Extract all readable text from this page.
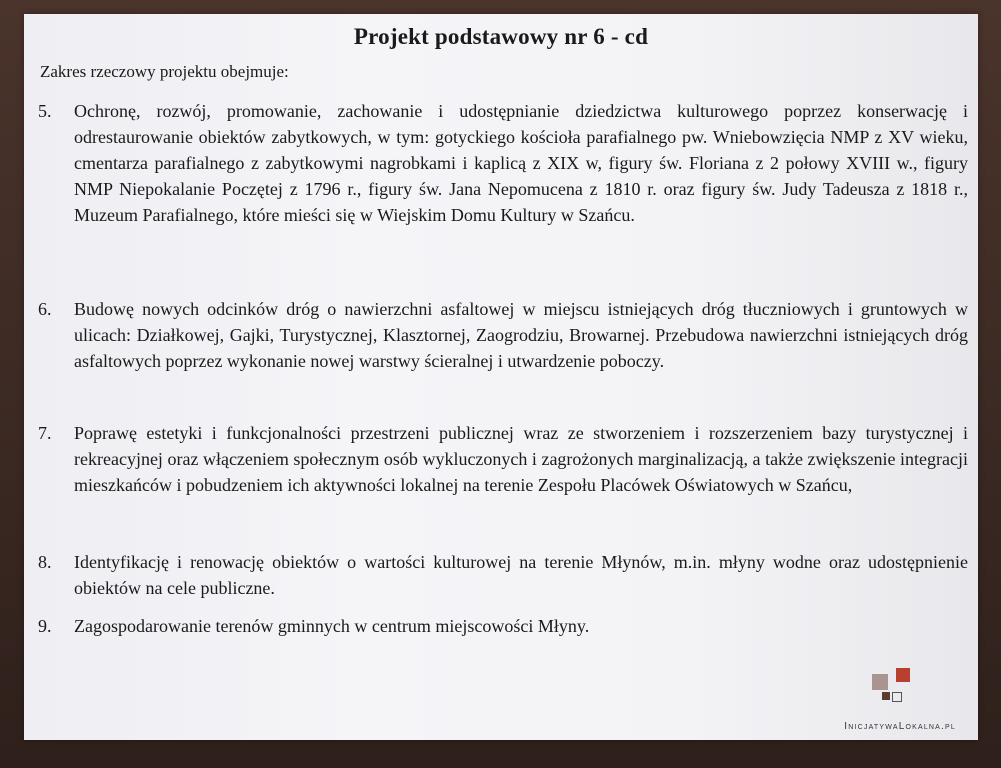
Projekt podstawowy nr 6 - cd

Zakres rzeczowy projektu obejmuje:

5.	Ochronę, rozwój, promowanie, zachowanie i udostępnianie dziedzictwa kulturowego poprzez konserwację i odrestaurowanie obiektów zabytkowych, w tym: gotyckiego kościoła parafialnego pw. Wniebowzięcia NMP z XV wieku, cmentarza parafialnego z zabytkowymi nagrobkami i kaplicą z XIX w, figury św. Floriana z 2 połowy XVIII w., figury NMP Niepokalanie Poczętej z 1796 r., figury św. Jana Nepomucena z 1810 r. oraz figury św. Judy Tadeusza z 1818 r., Muzeum Parafialnego, które mieści się w Wiejskim Domu Kultury w Szańcu.

6.	Budowę nowych odcinków dróg o nawierzchni asfaltowej w miejscu istniejących dróg tłuczniowych i gruntowych w ulicach: Działkowej, Gajki, Turystycznej, Klasztornej, Zaogrodziu, Browarnej. Przebudowa nawierzchni istniejących dróg asfaltowych poprzez wykonanie nowej warstwy ścieralnej i utwardzenie poboczy.

7.	Poprawę estetyki i funkcjonalności przestrzeni publicznej wraz ze stworzeniem i rozszerzeniem bazy turystycznej i rekreacyjnej oraz włączeniem społecznym osób wykluczonych i zagrożonych marginalizacją, a także zwiększenie integracji mieszkańców i pobudzeniem ich aktywności lokalnej na terenie Zespołu Placówek Oświatowych w Szańcu,

8.	Identyfikację i renowację obiektów o wartości kulturowej na terenie Młynów, m.in. młyny wodne oraz udostępnienie obiektów na cele publiczne.

9.	Zagospodarowanie terenów gminnych w centrum miejscowości Młyny.

InicjatywaLokalna.pl
